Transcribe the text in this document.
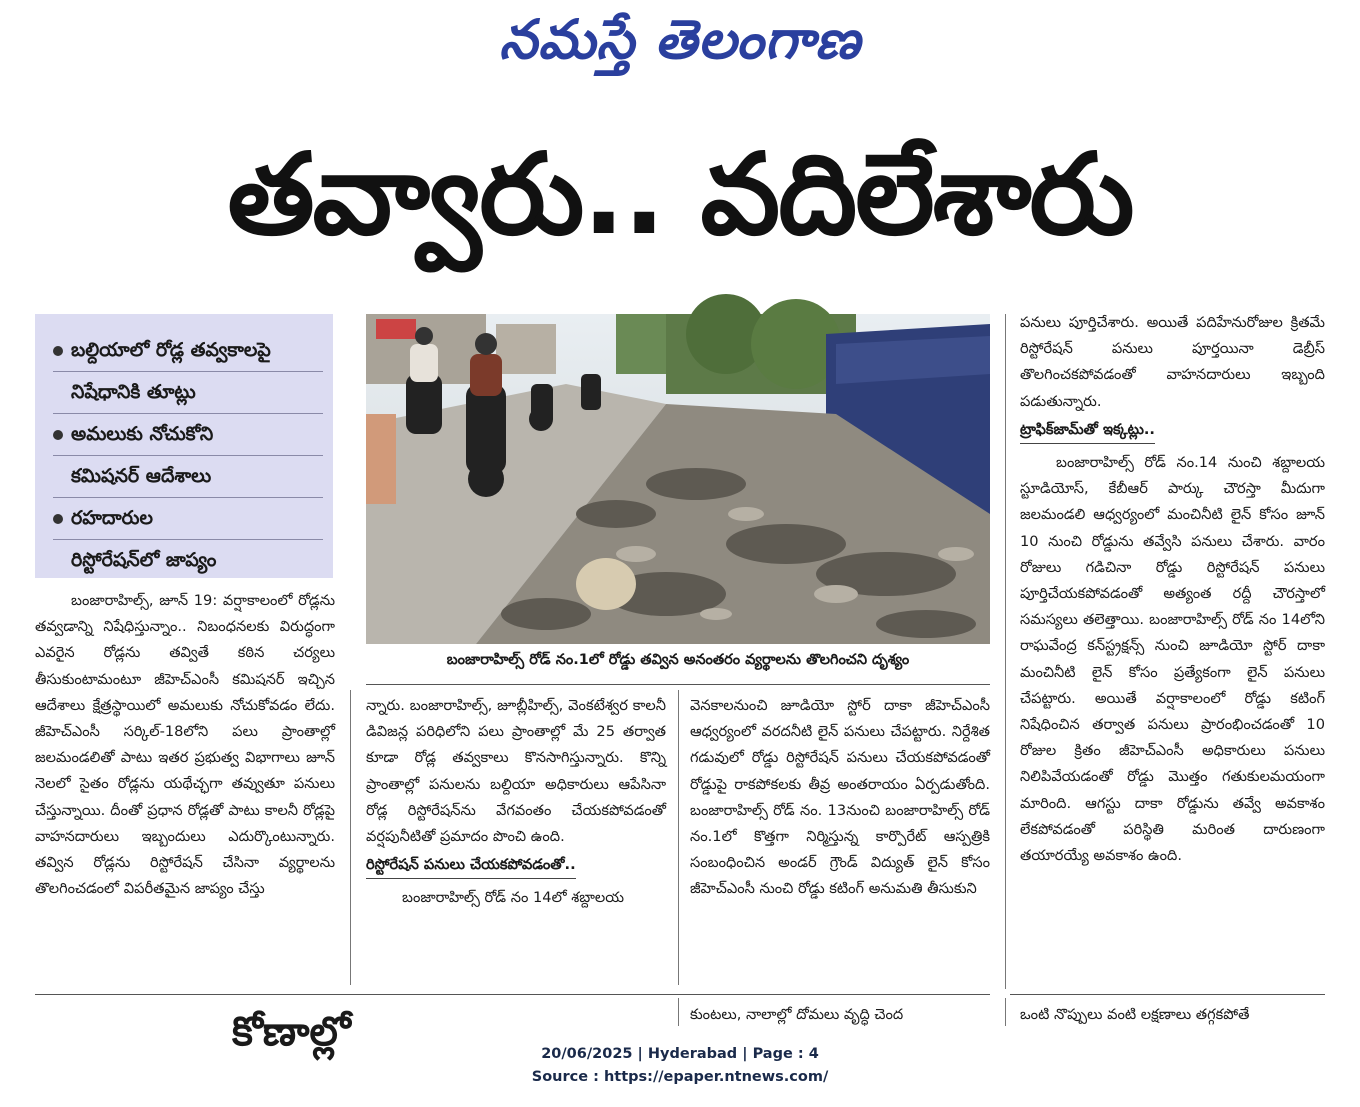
నమస్తే తెలంగాణ
తవ్వారు.. వదిలేశారు
బల్దియాలో రోడ్ల తవ్వకాలపై
నిషేధానికి తూట్లు
అమలుకు నోచుకోని
కమిషనర్ ఆదేశాలు
రహదారుల
రిస్టోరేషన్‌లో జాప్యం
బంజారాహిల్స్ రోడ్ నం.1లో రోడ్డు తవ్విన అనంతరం వ్యర్థాలను తొలగించని దృశ్యం

బంజారాహిల్స్, జూన్ 19: వర్షాకాలంలో రోడ్లను తవ్వడాన్ని నిషేధిస్తున్నాం.. నిబంధనలకు విరుద్ధంగా ఎవరైన రోడ్లను తవ్వితే కఠిన చర్యలు తీసుకుంటామంటూ జీహెచ్‌ఎంసీ కమిషనర్ ఇచ్చిన ఆదేశాలు క్షేత్రస్థాయిలో అమలుకు నోచుకోవడం లేదు. జీహెచ్‌ఎంసీ సర్కిల్-18లోని పలు ప్రాంతాల్లో జలమండలితో పాటు ఇతర ప్రభుత్వ విభాగాలు జూన్ నెలలో సైతం రోడ్లను యథేచ్ఛగా తవ్వుతూ పనులు చేస్తున్నాయి. దీంతో ప్రధాన రోడ్లతో పాటు కాలనీ రోడ్లపై వాహనదారులు ఇబ్బందులు ఎదుర్కొంటున్నారు. తవ్విన రోడ్లను రిస్టోరేషన్ చేసినా వ్యర్థాలను తొలగించడంలో విపరీతమైన జాప్యం చేస్తు

న్నారు. బంజారాహిల్స్, జూబ్లీహిల్స్, వెంకటేశ్వర కాలనీ డివిజన్ల పరిధిలోని పలు ప్రాంతాల్లో మే 25 తర్వాత కూడా రోడ్ల తవ్వకాలు కొనసాగిస్తున్నారు. కొన్ని ప్రాంతాల్లో పనులను బల్దియా అధికారులు ఆపేసినా రోడ్ల రిస్టోరేషన్‌ను వేగవంతం చేయకపోవడంతో వర్షపునీటితో ప్రమాదం పొంచి ఉంది.

రిస్టోరేషన్ పనులు చేయకపోవడంతో..

బంజారాహిల్స్ రోడ్ నం 14లో శబ్దాలయ

వెనకాలనుంచి జూడియో స్టోర్ దాకా జీహెచ్‌ఎంసీ ఆధ్వర్యంలో వరదనీటి లైన్ పనులు చేపట్టారు. నిర్దేశిత గడువులో రోడ్డు రిస్టోరేషన్ పనులు చేయకపోవడంతో రోడ్డుపై రాకపోకలకు తీవ్ర అంతరాయం ఏర్పడుతోంది. బంజారాహిల్స్ రోడ్ నం. 13నుంచి బంజారాహిల్స్ రోడ్ నం.1లో కొత్తగా నిర్మిస్తున్న కార్పొరేట్ ఆస్పత్రికి సంబంధించిన అండర్ గ్రౌండ్ విద్యుత్ లైన్ కోసం జీహెచ్‌ఎంసీ నుంచి రోడ్డు కటింగ్ అనుమతి తీసుకుని

కుంటలు, నాలాల్లో దోమలు వృద్ధి చెంద

పనులు పూర్తిచేశారు. అయితే పదిహేనురోజుల క్రితమే రిస్టోరేషన్ పనులు పూర్తయినా డెబ్రీస్ తొలగించకపోవడంతో వాహనదారులు ఇబ్బంది పడుతున్నారు.

ట్రాఫిక్‌జామ్‌తో ఇక్కట్లు..

బంజారాహిల్స్ రోడ్ నం.14 నుంచి శబ్దాలయ స్టూడియోస్, కేబీఆర్ పార్కు చౌరస్తా మీదుగా జలమండలి ఆధ్వర్యంలో మంచినీటి లైన్ కోసం జూన్ 10 నుంచి రోడ్డును తవ్వేసి పనులు చేశారు. వారం రోజులు గడిచినా రోడ్డు రిస్టోరేషన్ పనులు పూర్తిచేయకపోవడంతో అత్యంత రద్దీ చౌరస్తాలో సమస్యలు తలెత్తాయి. బంజారాహిల్స్ రోడ్ నం 14లోని రాఘవేంద్ర కన్‌స్ట్రక్షన్స్ నుంచి జూడియో స్టోర్ దాకా మంచినీటి లైన్ కోసం ప్రత్యేకంగా లైన్ పనులు చేపట్టారు. అయితే వర్షాకాలంలో రోడ్డు కటింగ్ నిషేధించిన తర్వాత పనులు ప్రారంభించడంతో 10 రోజుల క్రితం జీహెచ్‌ఎంసీ అధికారులు పనులు నిలిపివేయడంతో రోడ్డు మొత్తం గతుకులమయంగా మారింది. ఆగస్టు దాకా రోడ్డును తవ్వే అవకాశం లేకపోవడంతో పరిస్థితి మరింత దారుణంగా తయారయ్యే అవకాశం ఉంది.

ఒంటి నొప్పులు వంటి లక్షణాలు తగ్గకపోతే

కోణాల్లో	20/06/2025 | Hyderabad | Page : 4
Source : https://epaper.ntnews.com/
